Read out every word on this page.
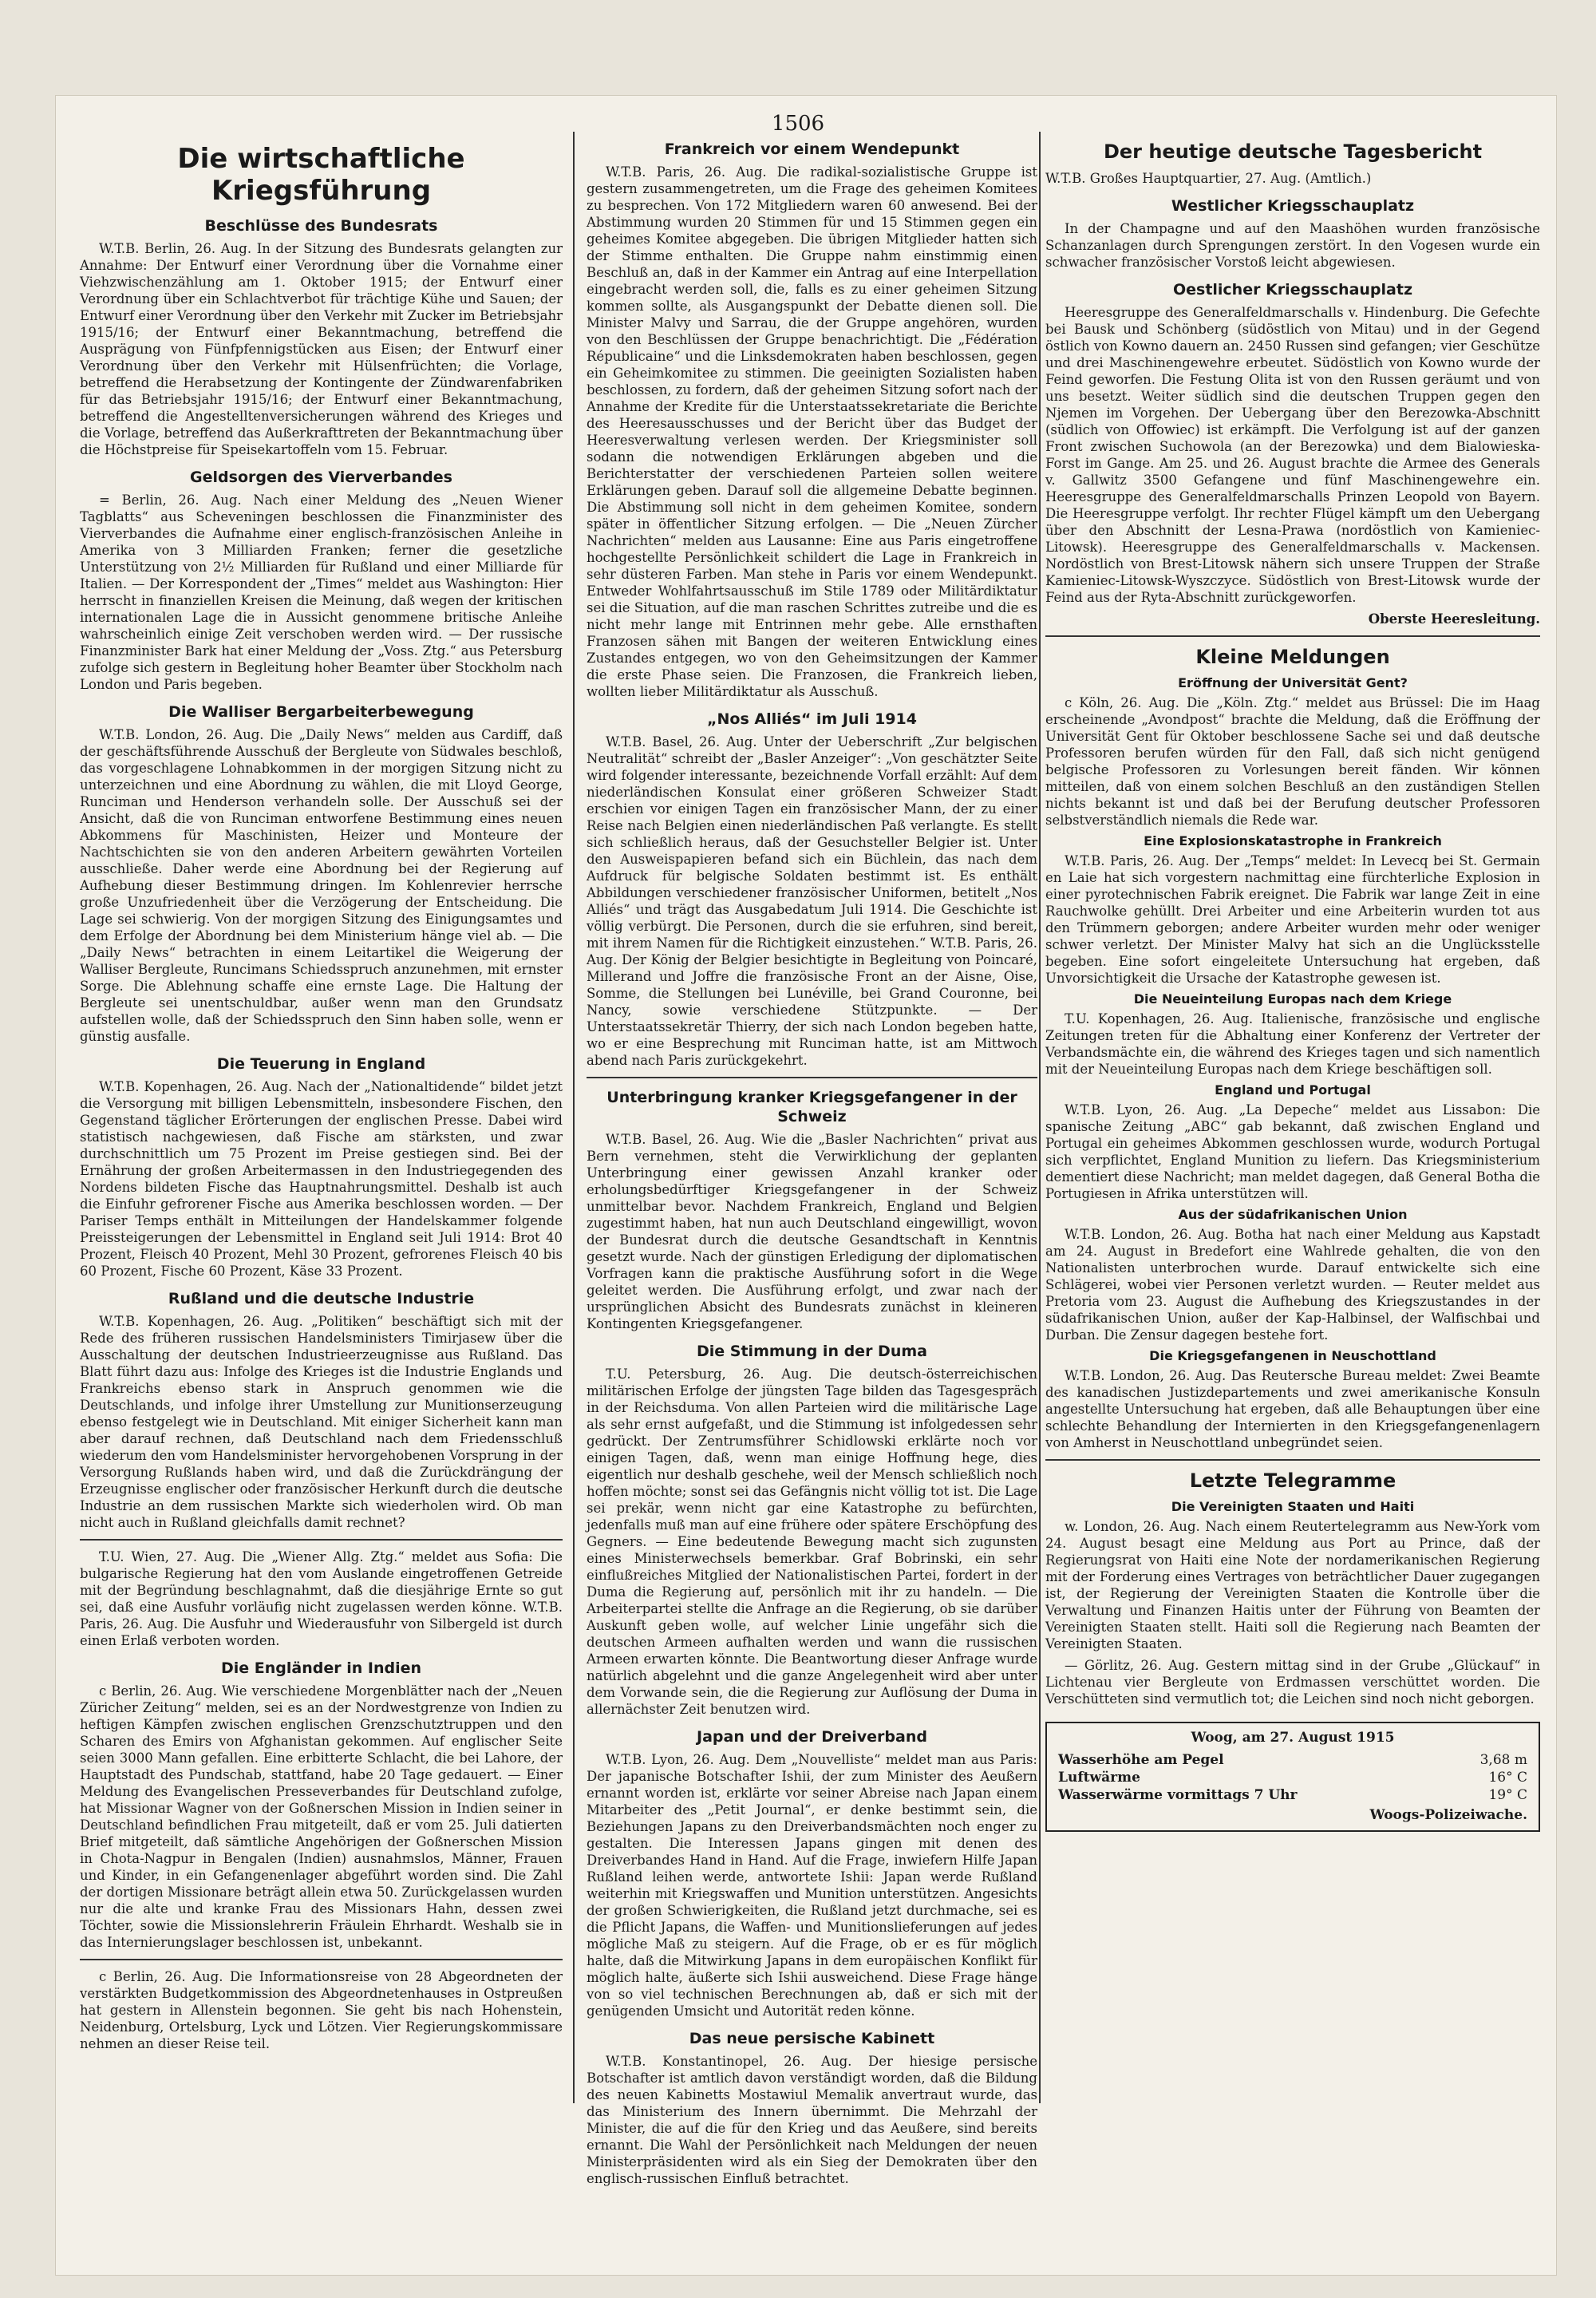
1506
Die wirtschaftliche Kriegsführung
Beschlüsse des Bundesrats

W.T.B. Berlin, 26. Aug. In der Sitzung des Bundesrats gelangten zur Annahme: Der Entwurf einer Verordnung über die Vornahme einer Viehzwischenzählung am 1. Oktober 1915; der Entwurf einer Verordnung über ein Schlachtverbot für trächtige Kühe und Sauen; der Entwurf einer Verordnung über den Verkehr mit Zucker im Betriebsjahr 1915/16; der Entwurf einer Bekanntmachung, betreffend die Ausprägung von Fünfpfennigstücken aus Eisen; der Entwurf einer Verordnung über den Verkehr mit Hülsenfrüchten; die Vorlage, betreffend die Herabsetzung der Kontingente der Zündwarenfabriken für das Betriebsjahr 1915/16; der Entwurf einer Bekanntmachung, betreffend die Angestelltenversicherungen während des Krieges und die Vorlage, betreffend das Außerkrafttreten der Bekanntmachung über die Höchstpreise für Speisekartoffeln vom 15. Februar.

Geldsorgen des Vierverbandes

= Berlin, 26. Aug. Nach einer Meldung des „Neuen Wiener Tagblatts“ aus Scheveningen beschlossen die Finanzminister des Vierverbandes die Aufnahme einer englisch-französischen Anleihe in Amerika von 3 Milliarden Franken; ferner die gesetzliche Unterstützung von 2½ Milliarden für Rußland und einer Milliarde für Italien. — Der Korrespondent der „Times“ meldet aus Washington: Hier herrscht in finanziellen Kreisen die Meinung, daß wegen der kritischen internationalen Lage die in Aussicht genommene britische Anleihe wahrscheinlich einige Zeit verschoben werden wird. — Der russische Finanzminister Bark hat einer Meldung der „Voss. Ztg.“ aus Petersburg zufolge sich gestern in Begleitung hoher Beamter über Stockholm nach London und Paris begeben.

Die Walliser Bergarbeiterbewegung

W.T.B. London, 26. Aug. Die „Daily News“ melden aus Cardiff, daß der geschäftsführende Ausschuß der Bergleute von Südwales beschloß, das vorgeschlagene Lohnabkommen in der morgigen Sitzung nicht zu unterzeichnen und eine Abordnung zu wählen, die mit Lloyd George, Runciman und Henderson verhandeln solle. Der Ausschuß sei der Ansicht, daß die von Runciman entworfene Bestimmung eines neuen Abkommens für Maschinisten, Heizer und Monteure der Nachtschichten sie von den anderen Arbeitern gewährten Vorteilen ausschließe. Daher werde eine Abordnung bei der Regierung auf Aufhebung dieser Bestimmung dringen. Im Kohlenrevier herrsche große Unzufriedenheit über die Verzögerung der Entscheidung. Die Lage sei schwierig. Von der morgigen Sitzung des Einigungsamtes und dem Erfolge der Abordnung bei dem Ministerium hänge viel ab. — Die „Daily News“ betrachten in einem Leitartikel die Weigerung der Walliser Bergleute, Runcimans Schiedsspruch anzunehmen, mit ernster Sorge. Die Ablehnung schaffe eine ernste Lage. Die Haltung der Bergleute sei unentschuldbar, außer wenn man den Grundsatz aufstellen wolle, daß der Schiedsspruch den Sinn haben solle, wenn er günstig ausfalle.

Die Teuerung in England

W.T.B. Kopenhagen, 26. Aug. Nach der „Nationaltidende“ bildet jetzt die Versorgung mit billigen Lebensmitteln, insbesondere Fischen, den Gegenstand täglicher Erörterungen der englischen Presse. Dabei wird statistisch nachgewiesen, daß Fische am stärksten, und zwar durchschnittlich um 75 Prozent im Preise gestiegen sind. Bei der Ernährung der großen Arbeitermassen in den Industriegegenden des Nordens bildeten Fische das Hauptnahrungsmittel. Deshalb ist auch die Einfuhr gefrorener Fische aus Amerika beschlossen worden. — Der Pariser Temps enthält in Mitteilungen der Handelskammer folgende Preissteigerungen der Lebensmittel in England seit Juli 1914: Brot 40 Prozent, Fleisch 40 Prozent, Mehl 30 Prozent, gefrorenes Fleisch 40 bis 60 Prozent, Fische 60 Prozent, Käse 33 Prozent.

Rußland und die deutsche Industrie

W.T.B. Kopenhagen, 26. Aug. „Politiken“ beschäftigt sich mit der Rede des früheren russischen Handelsministers Timirjasew über die Ausschaltung der deutschen Industrieerzeugnisse aus Rußland. Das Blatt führt dazu aus: Infolge des Krieges ist die Industrie Englands und Frankreichs ebenso stark in Anspruch genommen wie die Deutschlands, und infolge ihrer Umstellung zur Munitionserzeugung ebenso festgelegt wie in Deutschland. Mit einiger Sicherheit kann man aber darauf rechnen, daß Deutschland nach dem Friedensschluß wiederum den vom Handelsminister hervorgehobenen Vorsprung in der Versorgung Rußlands haben wird, und daß die Zurückdrängung der Erzeugnisse englischer oder französischer Herkunft durch die deutsche Industrie an dem russischen Markte sich wiederholen wird. Ob man nicht auch in Rußland gleichfalls damit rechnet?

T.U. Wien, 27. Aug. Die „Wiener Allg. Ztg.“ meldet aus Sofia: Die bulgarische Regierung hat den vom Auslande eingetroffenen Getreide mit der Begründung beschlagnahmt, daß die diesjährige Ernte so gut sei, daß eine Ausfuhr vorläufig nicht zugelassen werden könne. W.T.B. Paris, 26. Aug. Die Ausfuhr und Wiederausfuhr von Silbergeld ist durch einen Erlaß verboten worden.

Die Engländer in Indien

c Berlin, 26. Aug. Wie verschiedene Morgenblätter nach der „Neuen Züricher Zeitung“ melden, sei es an der Nordwestgrenze von Indien zu heftigen Kämpfen zwischen englischen Grenzschutztruppen und den Scharen des Emirs von Afghanistan gekommen. Auf englischer Seite seien 3000 Mann gefallen. Eine erbitterte Schlacht, die bei Lahore, der Hauptstadt des Pundschab, stattfand, habe 20 Tage gedauert. — Einer Meldung des Evangelischen Presseverbandes für Deutschland zufolge, hat Missionar Wagner von der Goßnerschen Mission in Indien seiner in Deutschland befindlichen Frau mitgeteilt, daß er vom 25. Juli datierten Brief mitgeteilt, daß sämtliche Angehörigen der Goßnerschen Mission in Chota-Nagpur in Bengalen (Indien) ausnahmslos, Männer, Frauen und Kinder, in ein Gefangenenlager abgeführt worden sind. Die Zahl der dortigen Missionare beträgt allein etwa 50. Zurückgelassen wurden nur die alte und kranke Frau des Missionars Hahn, dessen zwei Töchter, sowie die Missionslehrerin Fräulein Ehrhardt. Weshalb sie in das Internierungslager beschlossen ist, unbekannt.

c Berlin, 26. Aug. Die Informationsreise von 28 Abgeordneten der verstärkten Budgetkommission des Abgeordnetenhauses in Ostpreußen hat gestern in Allenstein begonnen. Sie geht bis nach Hohenstein, Neidenburg, Ortelsburg, Lyck und Lötzen. Vier Regierungskommissare nehmen an dieser Reise teil.

Frankreich vor einem Wendepunkt

W.T.B. Paris, 26. Aug. Die radikal-sozialistische Gruppe ist gestern zusammengetreten, um die Frage des geheimen Komitees zu besprechen. Von 172 Mitgliedern waren 60 anwesend. Bei der Abstimmung wurden 20 Stimmen für und 15 Stimmen gegen ein geheimes Komitee abgegeben. Die übrigen Mitglieder hatten sich der Stimme enthalten. Die Gruppe nahm einstimmig einen Beschluß an, daß in der Kammer ein Antrag auf eine Interpellation eingebracht werden soll, die, falls es zu einer geheimen Sitzung kommen sollte, als Ausgangspunkt der Debatte dienen soll. Die Minister Malvy und Sarrau, die der Gruppe angehören, wurden von den Beschlüssen der Gruppe benachrichtigt. Die „Fédération Républicaine“ und die Linksdemokraten haben beschlossen, gegen ein Geheimkomitee zu stimmen. Die geeinigten Sozialisten haben beschlossen, zu fordern, daß der geheimen Sitzung sofort nach der Annahme der Kredite für die Unterstaatssekretariate die Berichte des Heeresausschusses und der Bericht über das Budget der Heeresverwaltung verlesen werden. Der Kriegsminister soll sodann die notwendigen Erklärungen abgeben und die Berichterstatter der verschiedenen Parteien sollen weitere Erklärungen geben. Darauf soll die allgemeine Debatte beginnen. Die Abstimmung soll nicht in dem geheimen Komitee, sondern später in öffentlicher Sitzung erfolgen. — Die „Neuen Zürcher Nachrichten“ melden aus Lausanne: Eine aus Paris eingetroffene hochgestellte Persönlichkeit schildert die Lage in Frankreich in sehr düsteren Farben. Man stehe in Paris vor einem Wendepunkt. Entweder Wohlfahrtsausschuß im Stile 1789 oder Militärdiktatur sei die Situation, auf die man raschen Schrittes zutreibe und die es nicht mehr lange mit Entrinnen mehr gebe. Alle ernsthaften Franzosen sähen mit Bangen der weiteren Entwicklung eines Zustandes entgegen, wo von den Geheimsitzungen der Kammer die erste Phase seien. Die Franzosen, die Frankreich lieben, wollten lieber Militärdiktatur als Ausschuß.

„Nos Alliés“ im Juli 1914

W.T.B. Basel, 26. Aug. Unter der Ueberschrift „Zur belgischen Neutralität“ schreibt der „Basler Anzeiger“: „Von geschätzter Seite wird folgender interessante, bezeichnende Vorfall erzählt: Auf dem niederländischen Konsulat einer größeren Schweizer Stadt erschien vor einigen Tagen ein französischer Mann, der zu einer Reise nach Belgien einen niederländischen Paß verlangte. Es stellt sich schließlich heraus, daß der Gesuchsteller Belgier ist. Unter den Ausweispapieren befand sich ein Büchlein, das nach dem Aufdruck für belgische Soldaten bestimmt ist. Es enthält Abbildungen verschiedener französischer Uniformen, betitelt „Nos Alliés“ und trägt das Ausgabedatum Juli 1914. Die Geschichte ist völlig verbürgt. Die Personen, durch die sie erfuhren, sind bereit, mit ihrem Namen für die Richtigkeit einzustehen.“ W.T.B. Paris, 26. Aug. Der König der Belgier besichtigte in Begleitung von Poincaré, Millerand und Joffre die französische Front an der Aisne, Oise, Somme, die Stellungen bei Lunéville, bei Grand Couronne, bei Nancy, sowie verschiedene Stützpunkte. — Der Unterstaatssekretär Thierry, der sich nach London begeben hatte, wo er eine Besprechung mit Runciman hatte, ist am Mittwoch abend nach Paris zurückgekehrt.

Unterbringung kranker Kriegsgefangener in der Schweiz

W.T.B. Basel, 26. Aug. Wie die „Basler Nachrichten“ privat aus Bern vernehmen, steht die Verwirklichung der geplanten Unterbringung einer gewissen Anzahl kranker oder erholungsbedürftiger Kriegsgefangener in der Schweiz unmittelbar bevor. Nachdem Frankreich, England und Belgien zugestimmt haben, hat nun auch Deutschland eingewilligt, wovon der Bundesrat durch die deutsche Gesandtschaft in Kenntnis gesetzt wurde. Nach der günstigen Erledigung der diplomatischen Vorfragen kann die praktische Ausführung sofort in die Wege geleitet werden. Die Ausführung erfolgt, und zwar nach der ursprünglichen Absicht des Bundesrats zunächst in kleineren Kontingenten Kriegsgefangener.

Die Stimmung in der Duma

T.U. Petersburg, 26. Aug. Die deutsch-österreichischen militärischen Erfolge der jüngsten Tage bilden das Tagesgespräch in der Reichsduma. Von allen Parteien wird die militärische Lage als sehr ernst aufgefaßt, und die Stimmung ist infolgedessen sehr gedrückt. Der Zentrumsführer Schidlowski erklärte noch vor einigen Tagen, daß, wenn man einige Hoffnung hege, dies eigentlich nur deshalb geschehe, weil der Mensch schließlich noch hoffen möchte; sonst sei das Gefängnis nicht völlig tot ist. Die Lage sei prekär, wenn nicht gar eine Katastrophe zu befürchten, jedenfalls muß man auf eine frühere oder spätere Erschöpfung des Gegners. — Eine bedeutende Bewegung macht sich zugunsten eines Ministerwechsels bemerkbar. Graf Bobrinski, ein sehr einflußreiches Mitglied der Nationalistischen Partei, fordert in der Duma die Regierung auf, persönlich mit ihr zu handeln. — Die Arbeiterpartei stellte die Anfrage an die Regierung, ob sie darüber Auskunft geben wolle, auf welcher Linie ungefähr sich die deutschen Armeen aufhalten werden und wann die russischen Armeen erwarten könnte. Die Beantwortung dieser Anfrage wurde natürlich abgelehnt und die ganze Angelegenheit wird aber unter dem Vorwande sein, die die Regierung zur Auflösung der Duma in allernächster Zeit benutzen wird.

Japan und der Dreiverband

W.T.B. Lyon, 26. Aug. Dem „Nouvelliste“ meldet man aus Paris: Der japanische Botschafter Ishii, der zum Minister des Aeußern ernannt worden ist, erklärte vor seiner Abreise nach Japan einem Mitarbeiter des „Petit Journal“, er denke bestimmt sein, die Beziehungen Japans zu den Dreiverbandsmächten noch enger zu gestalten. Die Interessen Japans gingen mit denen des Dreiverbandes Hand in Hand. Auf die Frage, inwiefern Hilfe Japan Rußland leihen werde, antwortete Ishii: Japan werde Rußland weiterhin mit Kriegswaffen und Munition unterstützen. Angesichts der großen Schwierigkeiten, die Rußland jetzt durchmache, sei es die Pflicht Japans, die Waffen- und Munitionslieferungen auf jedes mögliche Maß zu steigern. Auf die Frage, ob er es für möglich halte, daß die Mitwirkung Japans in dem europäischen Konflikt für möglich halte, äußerte sich Ishii ausweichend. Diese Frage hänge von so viel technischen Berechnungen ab, daß er sich mit der genügenden Umsicht und Autorität reden könne.

Das neue persische Kabinett

W.T.B. Konstantinopel, 26. Aug. Der hiesige persische Botschafter ist amtlich davon verständigt worden, daß die Bildung des neuen Kabinetts Mostawiul Memalik anvertraut wurde, das das Ministerium des Innern übernimmt. Die Mehrzahl der Minister, die auf die für den Krieg und das Aeußere, sind bereits ernannt. Die Wahl der Persönlichkeit nach Meldungen der neuen Ministerpräsidenten wird als ein Sieg der Demokraten über den englisch-russischen Einfluß betrachtet.

Der heutige deutsche Tagesbericht

W.T.B. Großes Hauptquartier, 27. Aug. (Amtlich.)

Westlicher Kriegsschauplatz

In der Champagne und auf den Maashöhen wurden französische Schanzanlagen durch Sprengungen zerstört. In den Vogesen wurde ein schwacher französischer Vorstoß leicht abgewiesen.

Oestlicher Kriegsschauplatz

Heeresgruppe des Generalfeldmarschalls v. Hindenburg. Die Gefechte bei Bausk und Schönberg (südöstlich von Mitau) und in der Gegend östlich von Kowno dauern an. 2450 Russen sind gefangen; vier Geschütze und drei Maschinengewehre erbeutet. Südöstlich von Kowno wurde der Feind geworfen. Die Festung Olita ist von den Russen geräumt und von uns besetzt. Weiter südlich sind die deutschen Truppen gegen den Njemen im Vorgehen. Der Uebergang über den Berezowka-Abschnitt (südlich von Offowiec) ist erkämpft. Die Verfolgung ist auf der ganzen Front zwischen Suchowola (an der Berezowka) und dem Bialowieska-Forst im Gange. Am 25. und 26. August brachte die Armee des Generals v. Gallwitz 3500 Gefangene und fünf Maschinengewehre ein. Heeresgruppe des Generalfeldmarschalls Prinzen Leopold von Bayern. Die Heeresgruppe verfolgt. Ihr rechter Flügel kämpft um den Uebergang über den Abschnitt der Lesna-Prawa (nordöstlich von Kamieniec-Litowsk). Heeresgruppe des Generalfeldmarschalls v. Mackensen. Nordöstlich von Brest-Litowsk nähern sich unsere Truppen der Straße Kamieniec-Litowsk-Wyszczyce. Südöstlich von Brest-Litowsk wurde der Feind aus der Ryta-Abschnitt zurückgeworfen.

Oberste Heeresleitung.

Kleine Meldungen
Eröffnung der Universität Gent?

c Köln, 26. Aug. Die „Köln. Ztg.“ meldet aus Brüssel: Die im Haag erscheinende „Avondpost“ brachte die Meldung, daß die Eröffnung der Universität Gent für Oktober beschlossene Sache sei und daß deutsche Professoren berufen würden für den Fall, daß sich nicht genügend belgische Professoren zu Vorlesungen bereit fänden. Wir können mitteilen, daß von einem solchen Beschluß an den zuständigen Stellen nichts bekannt ist und daß bei der Berufung deutscher Professoren selbstverständlich niemals die Rede war.

Eine Explosionskatastrophe in Frankreich

W.T.B. Paris, 26. Aug. Der „Temps“ meldet: In Levecq bei St. Germain en Laie hat sich vorgestern nachmittag eine fürchterliche Explosion in einer pyrotechnischen Fabrik ereignet. Die Fabrik war lange Zeit in eine Rauchwolke gehüllt. Drei Arbeiter und eine Arbeiterin wurden tot aus den Trümmern geborgen; andere Arbeiter wurden mehr oder weniger schwer verletzt. Der Minister Malvy hat sich an die Unglücksstelle begeben. Eine sofort eingeleitete Untersuchung hat ergeben, daß Unvorsichtigkeit die Ursache der Katastrophe gewesen ist.

Die Neueinteilung Europas nach dem Kriege

T.U. Kopenhagen, 26. Aug. Italienische, französische und englische Zeitungen treten für die Abhaltung einer Konferenz der Vertreter der Verbandsmächte ein, die während des Krieges tagen und sich namentlich mit der Neueinteilung Europas nach dem Kriege beschäftigen soll.

England und Portugal

W.T.B. Lyon, 26. Aug. „La Depeche“ meldet aus Lissabon: Die spanische Zeitung „ABC“ gab bekannt, daß zwischen England und Portugal ein geheimes Abkommen geschlossen wurde, wodurch Portugal sich verpflichtet, England Munition zu liefern. Das Kriegsministerium dementiert diese Nachricht; man meldet dagegen, daß General Botha die Portugiesen in Afrika unterstützen will.

Aus der südafrikanischen Union

W.T.B. London, 26. Aug. Botha hat nach einer Meldung aus Kapstadt am 24. August in Bredefort eine Wahlrede gehalten, die von den Nationalisten unterbrochen wurde. Darauf entwickelte sich eine Schlägerei, wobei vier Personen verletzt wurden. — Reuter meldet aus Pretoria vom 23. August die Aufhebung des Kriegszustandes in der südafrikanischen Union, außer der Kap-Halbinsel, der Walfischbai und Durban. Die Zensur dagegen bestehe fort.

Die Kriegsgefangenen in Neuschottland

W.T.B. London, 26. Aug. Das Reutersche Bureau meldet: Zwei Beamte des kanadischen Justizdepartements und zwei amerikanische Konsuln angestellte Untersuchung hat ergeben, daß alle Behauptungen über eine schlechte Behandlung der Internierten in den Kriegsgefangenenlagern von Amherst in Neuschottland unbegründet seien.

Letzte Telegramme
Die Vereinigten Staaten und Haiti

w. London, 26. Aug. Nach einem Reutertelegramm aus New-York vom 24. August besagt eine Meldung aus Port au Prince, daß der Regierungsrat von Haiti eine Note der nordamerikanischen Regierung mit der Forderung eines Vertrages von beträchtlicher Dauer zugegangen ist, der Regierung der Vereinigten Staaten die Kontrolle über die Verwaltung und Finanzen Haitis unter der Führung von Beamten der Vereinigten Staaten stellt. Haiti soll die Regierung nach Beamten der Vereinigten Staaten.

— Görlitz, 26. Aug. Gestern mittag sind in der Grube „Glückauf“ in Lichtenau vier Bergleute von Erdmassen verschüttet worden. Die Verschütteten sind vermutlich tot; die Leichen sind noch nicht geborgen.

Woog, am 27. August 1915
Wasserhöhe am Pegel	3,68 m
Luftwärme	16° C
Wasserwärme vormittags 7 Uhr	19° C
Woogs-Polizeiwache.
